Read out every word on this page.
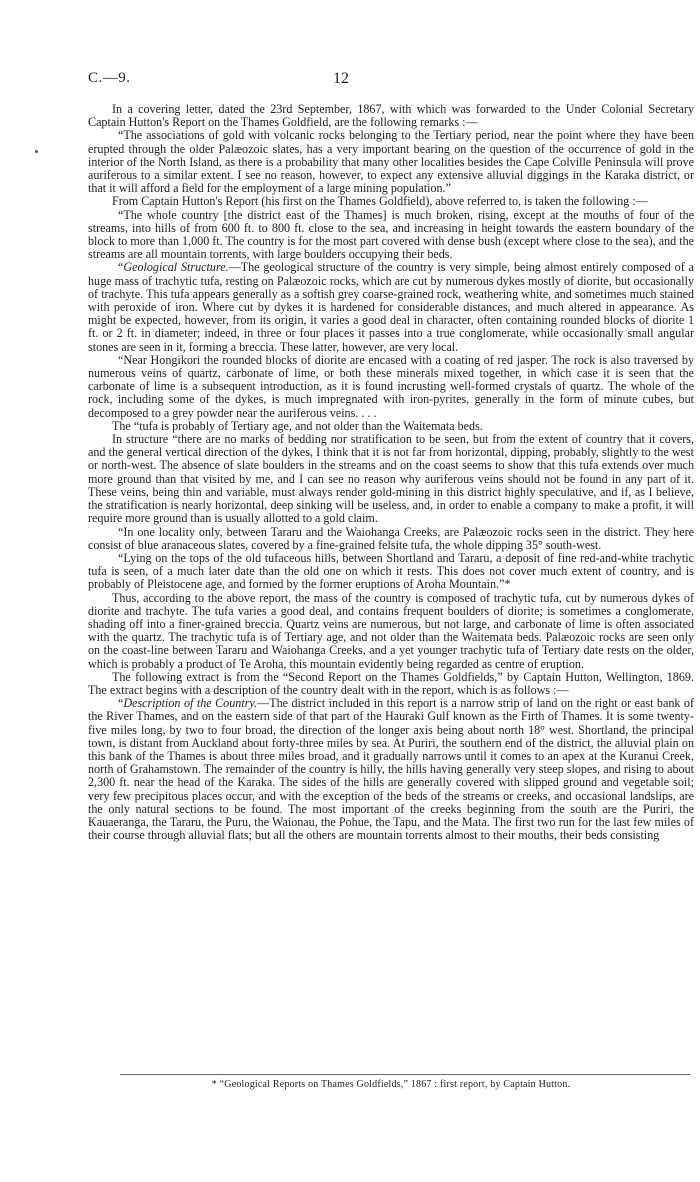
C.—9.	12

In a covering letter, dated the 23rd September, 1867, with which was forwarded to the Under Colonial Secretary Captain Hutton's Report on the Thames Goldfield, are the following remarks :—

“The associations of gold with volcanic rocks belonging to the Tertiary period, near the point where they have been erupted through the older Palæozoic slates, has a very important bearing on the question of the occurrence of gold in the interior of the North Island, as there is a probability that many other localities besides the Cape Colville Peninsula will prove auriferous to a similar extent. I see no reason, however, to expect any extensive alluvial diggings in the Karaka district, or that it will afford a field for the employment of a large mining population.”

From Captain Hutton's Report (his first on the Thames Goldfield), above referred to, is taken the following :—

“The whole country [the district east of the Thames] is much broken, rising, except at the mouths of four of the streams, into hills of from 600 ft. to 800 ft. close to the sea, and increasing in height towards the eastern boundary of the block to more than 1,000 ft. The country is for the most part covered with dense bush (except where close to the sea), and the streams are all mountain torrents, with large boulders occupying their beds.

“Geological Structure.—The geological structure of the country is very simple, being almost entirely composed of a huge mass of trachytic tufa, resting on Palæozoic rocks, which are cut by numerous dykes mostly of diorite, but occasionally of trachyte. This tufa appears generally as a softish grey coarse-grained rock, weathering white, and sometimes much stained with peroxide of iron. Where cut by dykes it is hardened for considerable distances, and much altered in appearance. As might be expected, however, from its origin, it varies a good deal in character, often containing rounded blocks of diorite 1 ft. or 2 ft. in diameter; indeed, in three or four places it passes into a true conglomerate, while occasionally small angular stones are seen in it, forming a breccia. These latter, however, are very local.

“Near Hongikori the rounded blocks of diorite are encased with a coating of red jasper. The rock is also traversed by numerous veins of quartz, carbonate of lime, or both these minerals mixed together, in which case it is seen that the carbonate of lime is a subsequent introduction, as it is found incrusting well-formed crystals of quartz. The whole of the rock, including some of the dykes, is much impregnated with iron-pyrites, generally in the form of minute cubes, but decomposed to a grey powder near the auriferous veins. . . .

The “tufa is probably of Tertiary age, and not older than the Waitemata beds.

In structure “there are no marks of bedding nor stratification to be seen, but from the extent of country that it covers, and the general vertical direction of the dykes, I think that it is not far from horizontal, dipping, probably, slightly to the west or north-west. The absence of slate boulders in the streams and on the coast seems to show that this tufa extends over much more ground than that visited by me, and I can see no reason why auriferous veins should not be found in any part of it. These veins, being thin and variable, must always render gold-mining in this district highly speculative, and if, as I believe, the stratification is nearly horizontal, deep sinking will be useless, and, in order to enable a company to make a profit, it will require more ground than is usually allotted to a gold claim.

“In one locality only, between Tararu and the Waiohanga Creeks, are Palæozoic rocks seen in the district. They here consist of blue aranaceous slates, covered by a fine-grained felsite tufa, the whole dipping 35° south-west.

“Lying on the tops of the old tufaceous hills, between Shortland and Tararu, a deposit of fine red-and-white trachytic tufa is seen, of a much later date than the old one on which it rests. This does not cover much extent of country, and is probably of Pleistocene age, and formed by the former eruptions of Aroha Mountain.”*

Thus, according to the above report, the mass of the country is composed of trachytic tufa, cut by numerous dykes of diorite and trachyte. The tufa varies a good deal, and contains frequent boulders of diorite; is sometimes a conglomerate, shading off into a finer-grained breccia. Quartz veins are numerous, but not large, and carbonate of lime is often associated with the quartz. The trachytic tufa is of Tertiary age, and not older than the Waitemata beds. Palæozoic rocks are seen only on the coast-line between Tararu and Waiohanga Creeks, and a yet younger trachytic tufa of Tertiary date rests on the older, which is probably a product of Te Aroha, this mountain evidently being regarded as centre of eruption.

The following extract is from the “Second Report on the Thames Goldfields,” by Captain Hutton, Wellington, 1869. The extract begins with a description of the country dealt with in the report, which is as follows :—

“Description of the Country.—The district included in this report is a narrow strip of land on the right or east bank of the River Thames, and on the eastern side of that part of the Hauraki Gulf known as the Firth of Thames. It is some twenty-five miles long, by two to four broad, the direction of the longer axis being about north 18° west. Shortland, the principal town, is distant from Auckland about forty-three miles by sea. At Puriri, the southern end of the district, the alluvial plain on this bank of the Thames is about three miles broad, and it gradually narrows until it comes to an apex at the Kuranui Creek, north of Grahamstown. The remainder of the country is hilly, the hills having generally very steep slopes, and rising to about 2,300 ft. near the head of the Karaka. The sides of the hills are generally covered with slipped ground and vegetable soil; very few precipitous places occur, and with the exception of the beds of the streams or creeks, and occasional landslips, are the only natural sections to be found. The most important of the creeks beginning from the south are the Puriri, the Kauaeranga, the Tararu, the Puru, the Waionau, the Pohue, the Tapu, and the Mata. The first two run for the last few miles of their course through alluvial flats; but all the others are mountain torrents almost to their mouths, their beds consisting

* “Geological Reports on Thames Goldfields,” 1867 : first report, by Captain Hutton.
